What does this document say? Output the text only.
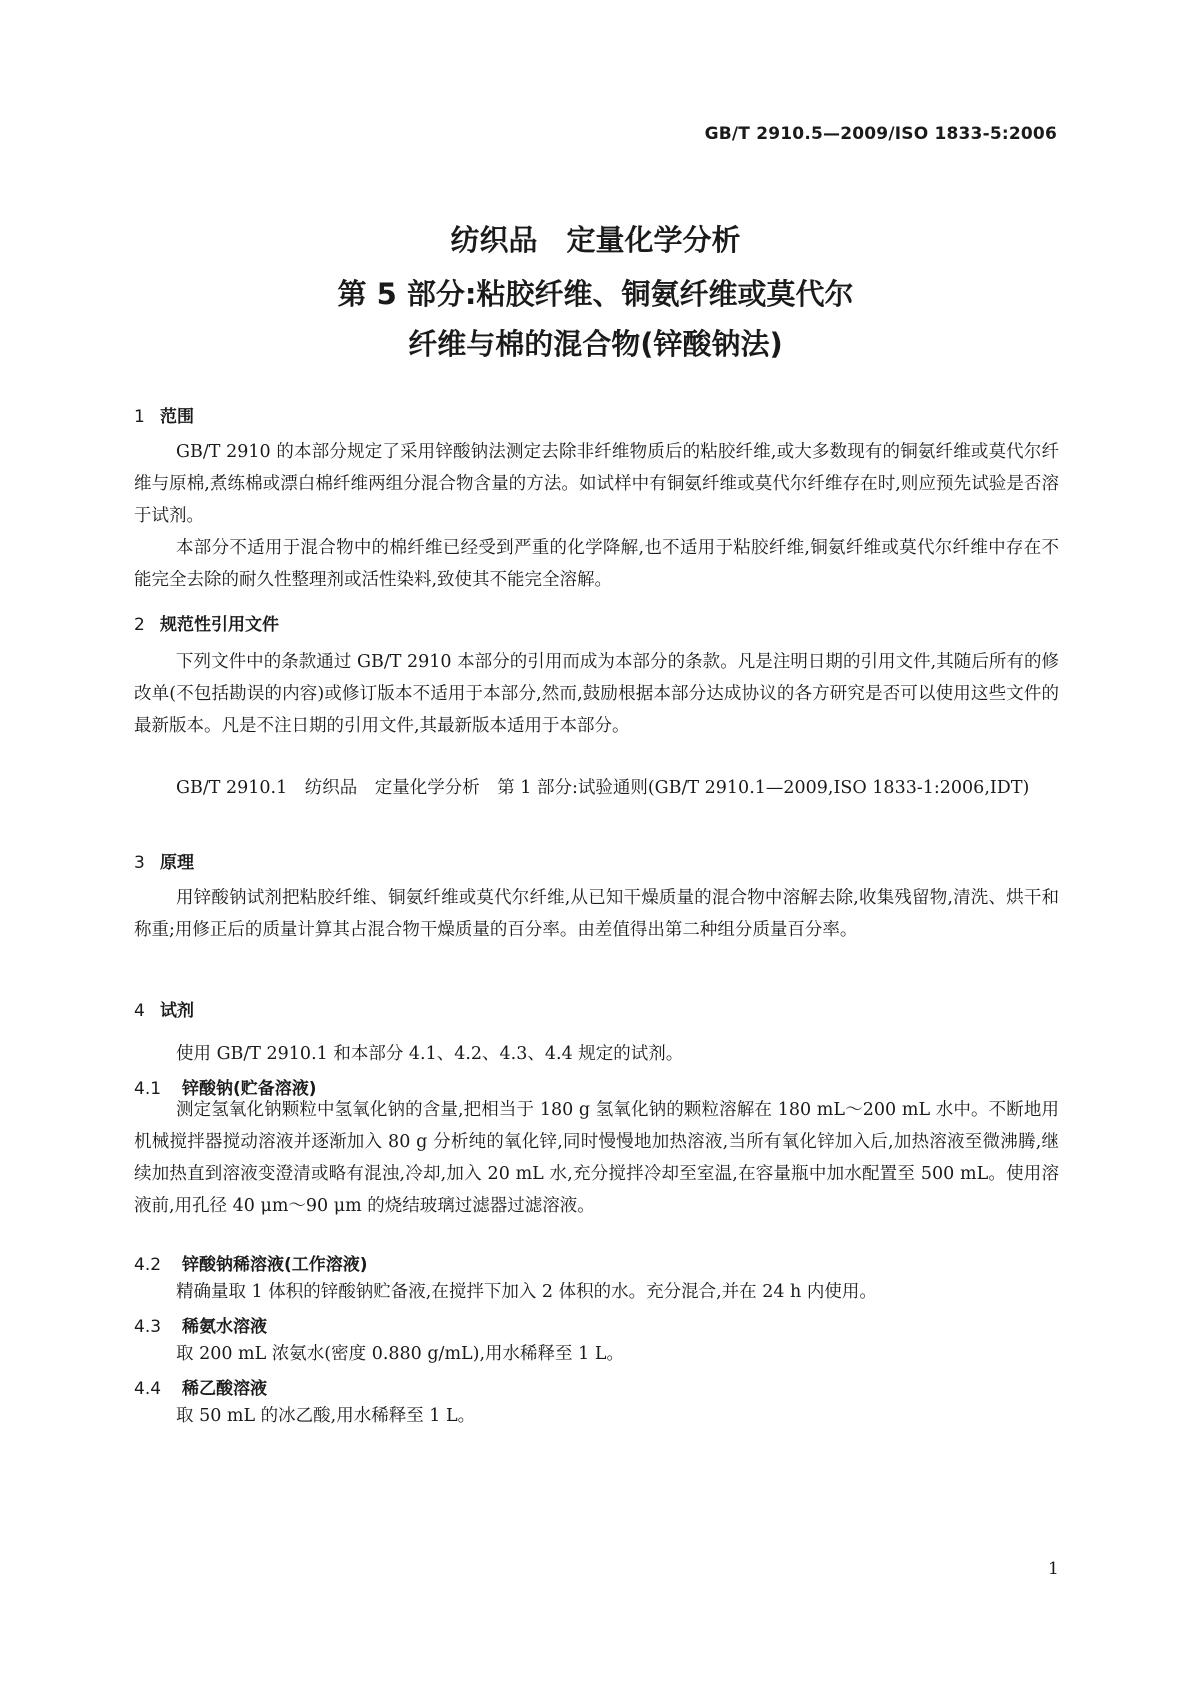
GB/T 2910.5—2009/ISO 1833-5:2006
纺织品　定量化学分析
第 5 部分:粘胶纤维、铜氨纤维或莫代尔
纤维与棉的混合物(锌酸钠法)
1 范围

GB/T 2910 的本部分规定了采用锌酸钠法测定去除非纤维物质后的粘胶纤维,或大多数现有的铜氨纤维或莫代尔纤维与原棉,煮练棉或漂白棉纤维两组分混合物含量的方法。如试样中有铜氨纤维或莫代尔纤维存在时,则应预先试验是否溶于试剂。

本部分不适用于混合物中的棉纤维已经受到严重的化学降解,也不适用于粘胶纤维,铜氨纤维或莫代尔纤维中存在不能完全去除的耐久性整理剂或活性染料,致使其不能完全溶解。

2 规范性引用文件

下列文件中的条款通过 GB/T 2910 本部分的引用而成为本部分的条款。凡是注明日期的引用文件,其随后所有的修改单(不包括勘误的内容)或修订版本不适用于本部分,然而,鼓励根据本部分达成协议的各方研究是否可以使用这些文件的最新版本。凡是不注日期的引用文件,其最新版本适用于本部分。

GB/T 2910.1　纺织品　定量化学分析　第 1 部分:试验通则(GB/T 2910.1—2009,ISO 1833-1:2006,IDT)

3 原理

用锌酸钠试剂把粘胶纤维、铜氨纤维或莫代尔纤维,从已知干燥质量的混合物中溶解去除,收集残留物,清洗、烘干和称重;用修正后的质量计算其占混合物干燥质量的百分率。由差值得出第二种组分质量百分率。

4 试剂
使用 GB/T 2910.1 和本部分 4.1、4.2、4.3、4.4 规定的试剂。
4.1 锌酸钠(贮备溶液)

测定氢氧化钠颗粒中氢氧化钠的含量,把相当于 180 g 氢氧化钠的颗粒溶解在 180 mL～200 mL 水中。不断地用机械搅拌器搅动溶液并逐渐加入 80 g 分析纯的氧化锌,同时慢慢地加热溶液,当所有氧化锌加入后,加热溶液至微沸腾,继续加热直到溶液变澄清或略有混浊,冷却,加入 20 mL 水,充分搅拌冷却至室温,在容量瓶中加水配置至 500 mL。使用溶液前,用孔径 40 μm～90 μm 的烧结玻璃过滤器过滤溶液。

4.2 锌酸钠稀溶液(工作溶液)
精确量取 1 体积的锌酸钠贮备液,在搅拌下加入 2 体积的水。充分混合,并在 24 h 内使用。
4.3 稀氨水溶液
取 200 mL 浓氨水(密度 0.880 g/mL),用水稀释至 1 L。
4.4 稀乙酸溶液
取 50 mL 的冰乙酸,用水稀释至 1 L。
1
